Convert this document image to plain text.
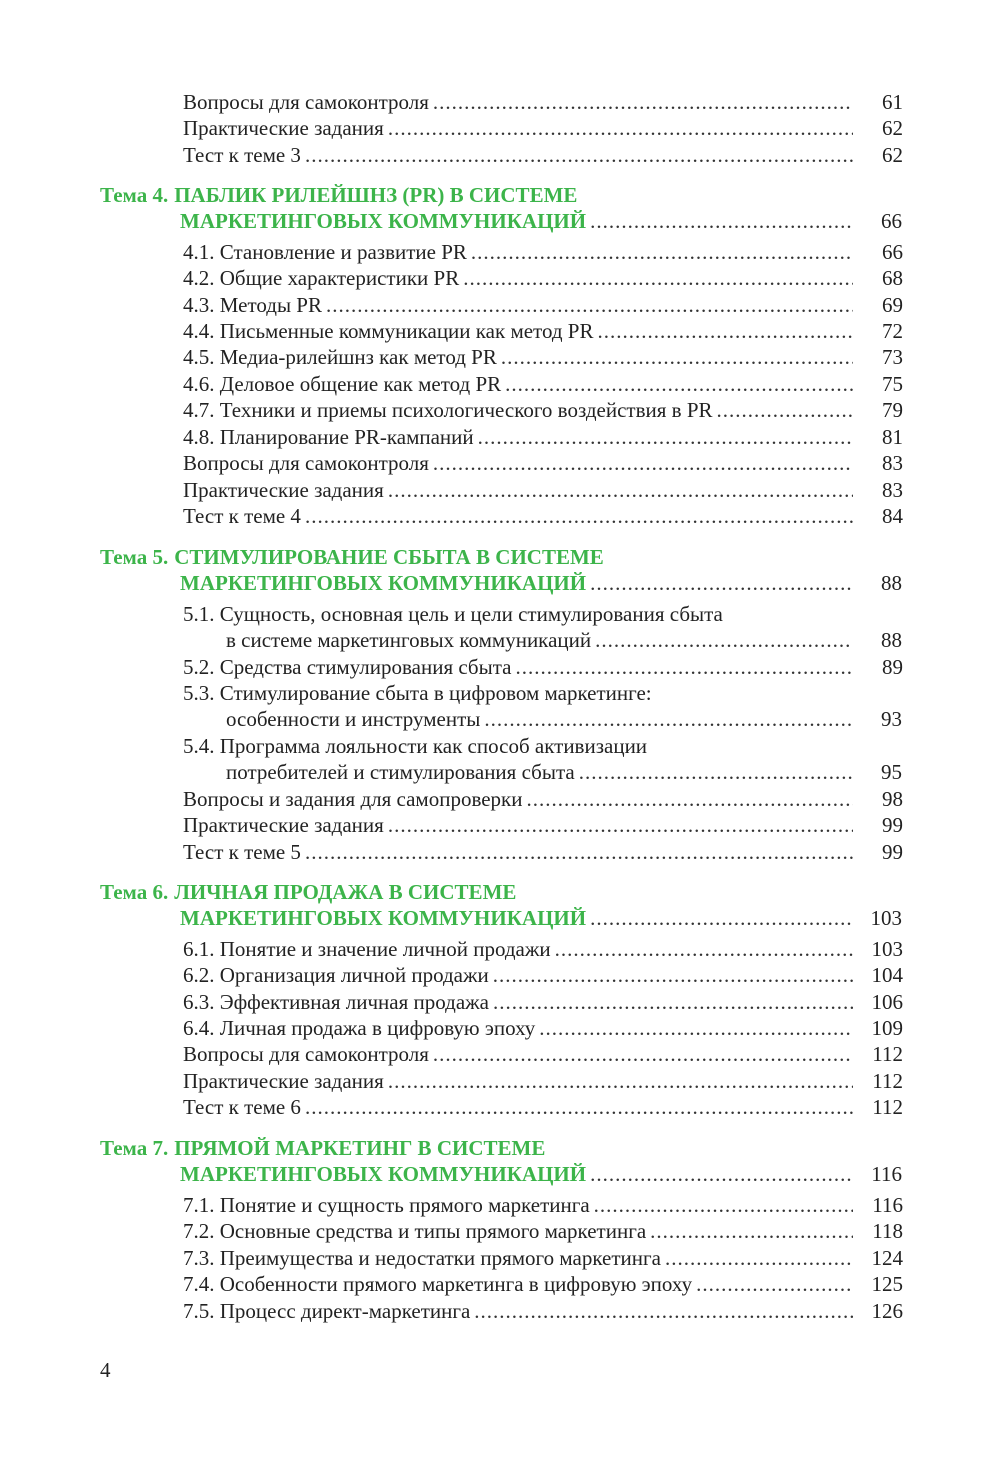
Вопросы для самоконтроля .....	61
Практические задания .....	62
Тест к теме 3 .....	62
Тема 4. ПАБЛИК РИЛЕЙШНЗ (PR) В СИСТЕМЕ
МАРКЕТИНГОВЫХ КОММУНИКАЦИЙ .....	66
4.1. Становление и развитие PR .....	66
4.2. Общие характеристики PR .....	68
4.3. Методы PR .....	69
4.4. Письменные коммуникации как метод PR .....	72
4.5. Медиа-рилейшнз как метод PR .....	73
4.6. Деловое общение как метод PR .....	75
4.7. Техники и приемы психологического воздействия в PR .....	79
4.8. Планирование PR-кампаний .....	81
Вопросы для самоконтроля .....	83
Практические задания .....	83
Тест к теме 4 .....	84
Тема 5. СТИМУЛИРОВАНИЕ СБЫТА В СИСТЕМЕ
МАРКЕТИНГОВЫХ КОММУНИКАЦИЙ .....	88
5.1. Сущность, основная цель и цели стимулирования сбыта
в системе маркетинговых коммуникаций .....	88
5.2. Средства стимулирования сбыта .....	89
5.3. Стимулирование сбыта в цифровом маркетинге:
особенности и инструменты .....	93
5.4. Программа лояльности как способ активизации
потребителей и стимулирования сбыта .....	95
Вопросы и задания для самопроверки .....	98
Практические задания .....	99
Тест к теме 5 .....	99
Тема 6. ЛИЧНАЯ ПРОДАЖА В СИСТЕМЕ
МАРКЕТИНГОВЫХ КОММУНИКАЦИЙ .....	103
6.1. Понятие и значение личной продажи .....	103
6.2. Организация личной продажи .....	104
6.3. Эффективная личная продажа .....	106
6.4. Личная продажа в цифровую эпоху .....	109
Вопросы для самоконтроля .....	112
Практические задания .....	112
Тест к теме 6 .....	112
Тема 7. ПРЯМОЙ МАРКЕТИНГ В СИСТЕМЕ
МАРКЕТИНГОВЫХ КОММУНИКАЦИЙ .....	116
7.1. Понятие и сущность прямого маркетинга .....	116
7.2. Основные средства и типы прямого маркетинга .....	118
7.3. Преимущества и недостатки прямого маркетинга .....	124
7.4. Особенности прямого маркетинга в цифровую эпоху .....	125
7.5. Процесс директ-маркетинга .....	126
4
